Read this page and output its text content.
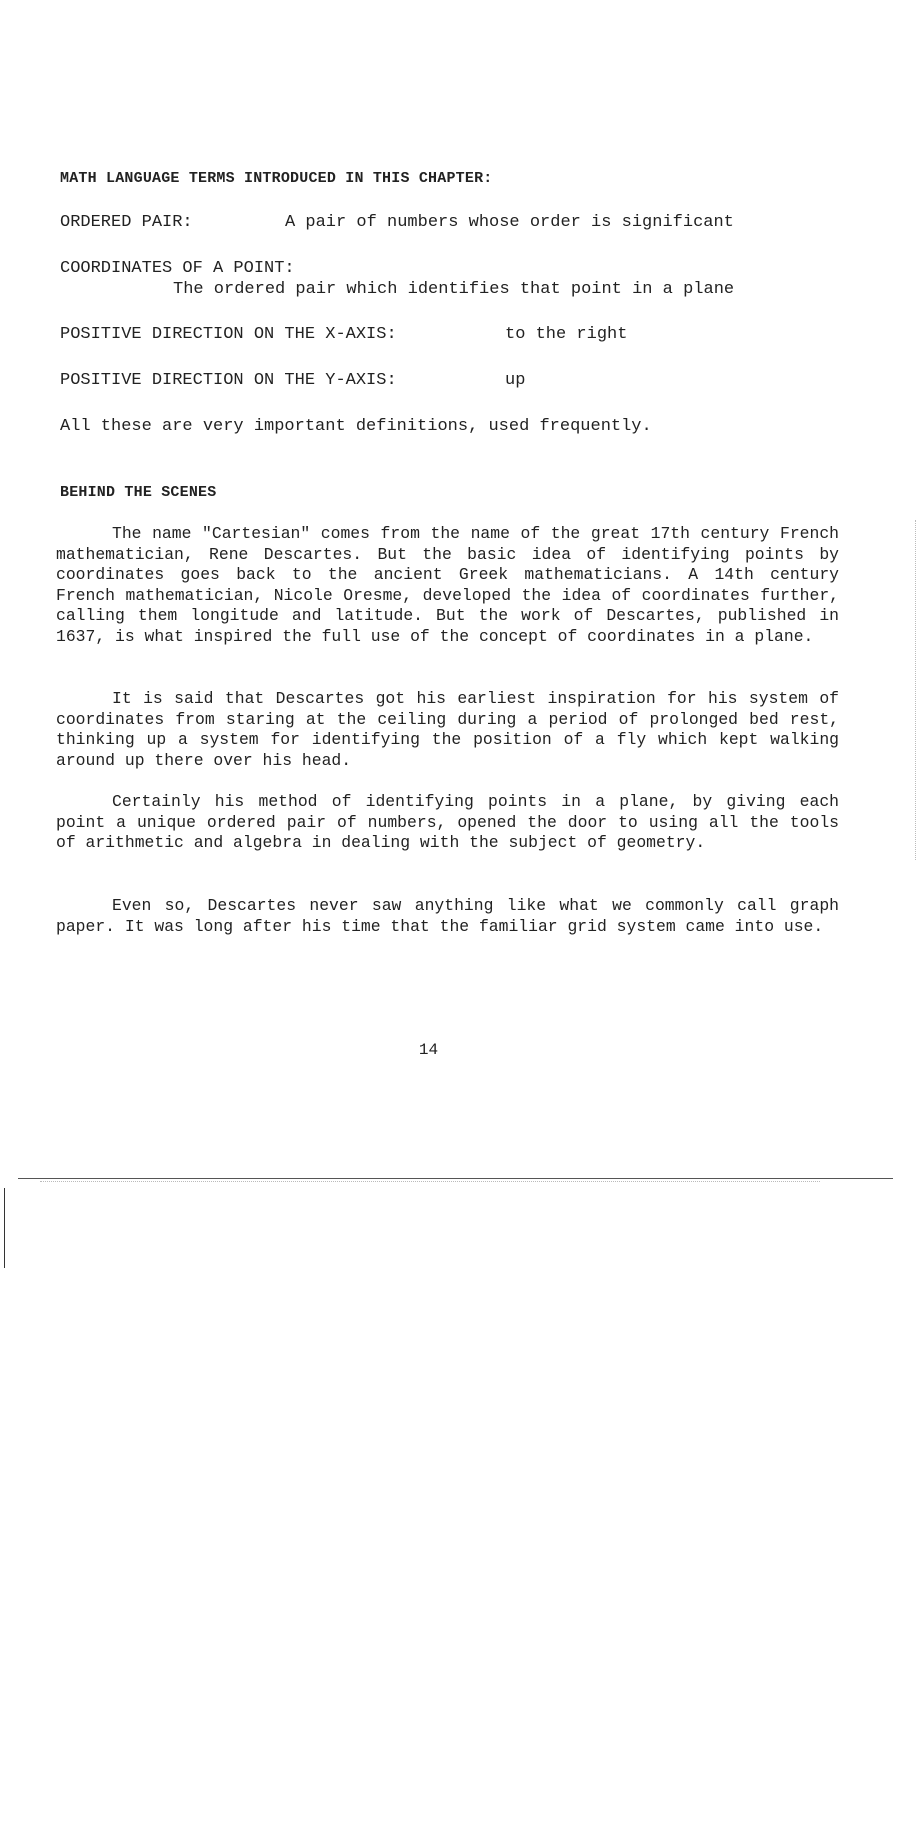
MATH LANGUAGE TERMS INTRODUCED IN THIS CHAPTER:
ORDERED PAIR:	A pair of numbers whose order is significant
COORDINATES OF A POINT:
The ordered pair which identifies that point in a plane
POSITIVE DIRECTION ON THE X-AXIS:	to the right
POSITIVE DIRECTION ON THE Y-AXIS:	up
All these are very important definitions, used frequently.
BEHIND THE SCENES

The name "Cartesian" comes from the name of the great 17th century French mathematician, Rene Descartes. But the basic idea of identifying points by coordinates goes back to the ancient Greek mathematicians. A 14th century French mathematician, Nicole Oresme, developed the idea of coordinates further, calling them longitude and latitude. But the work of Descartes, published in 1637, is what inspired the full use of the concept of coordinates in a plane.

It is said that Descartes got his earliest inspiration for his system of coordinates from staring at the ceiling during a period of prolonged bed rest, thinking up a system for identifying the position of a fly which kept walking around up there over his head.

Certainly his method of identifying points in a plane, by giving each point a unique ordered pair of numbers, opened the door to using all the tools of arithmetic and algebra in dealing with the subject of geometry.

Even so, Descartes never saw anything like what we commonly call graph paper. It was long after his time that the familiar grid system came into use.

14
